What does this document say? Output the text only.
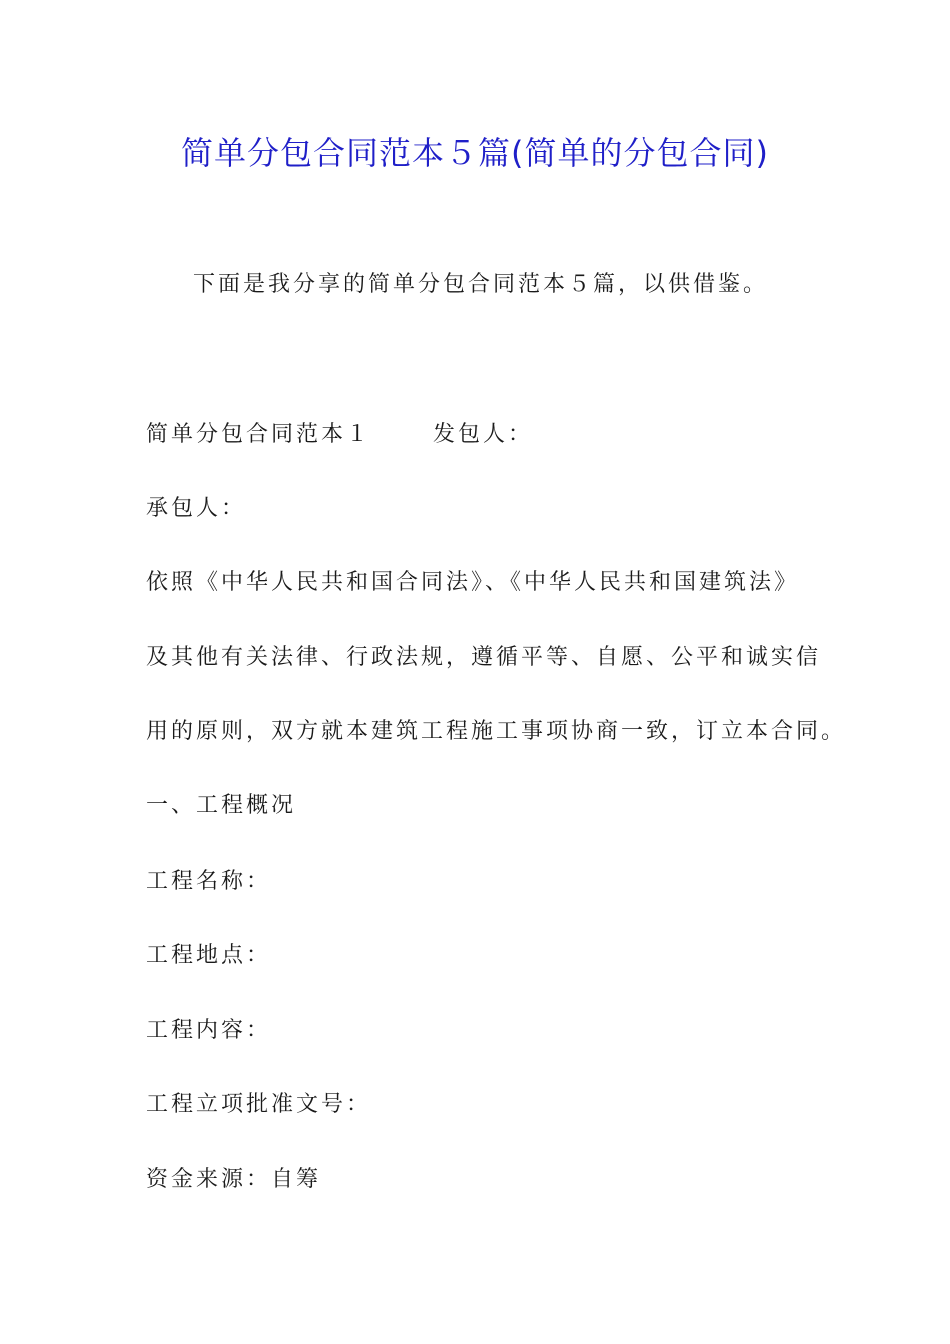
简单分包合同范本５篇(简单的分包合同)
下面是我分享的简单分包合同范本５篇，以供借鉴。
简单分包合同范本１	发包人：
承包人：
依照《中华人民共和国合同法》、《中华人民共和国建筑法》
及其他有关法律、行政法规，遵循平等、自愿、公平和诚实信
用的原则，双方就本建筑工程施工事项协商一致，订立本合同。
一、工程概况
工程名称：
工程地点：
工程内容：
工程立项批准文号：
资金来源：自筹
